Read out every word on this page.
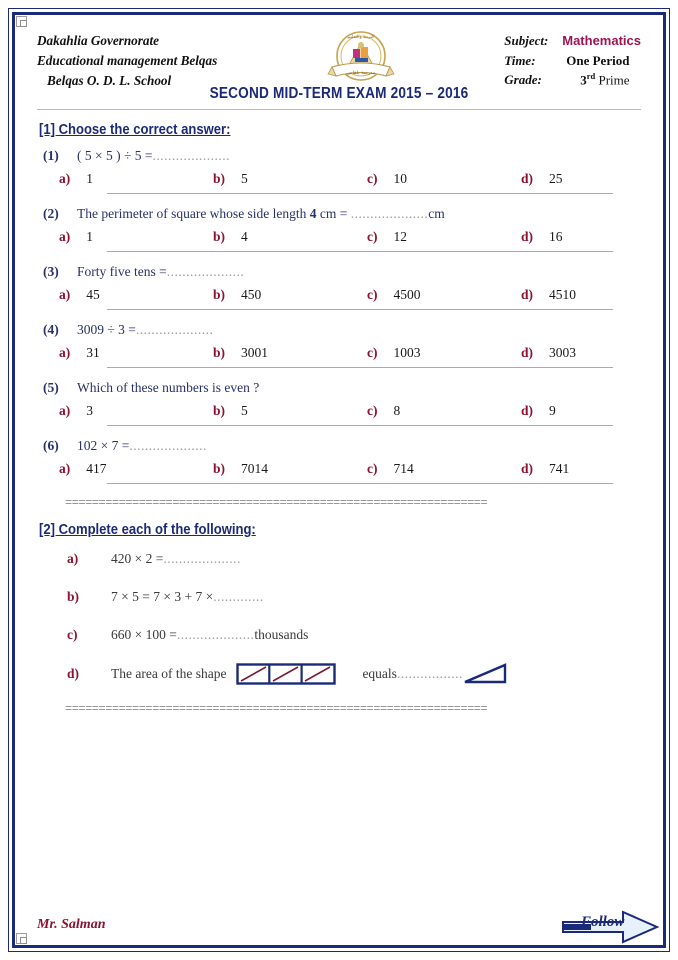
Dakahlia Governorate
Educational management Belqas
Belqas O. D. L. School
مدرسة بلقاس
التربية والتعليم	Subject:	Mathematics
Time:	One Period
Grade:	3rd Prime
SECOND MID-TERM EXAM 2015 – 2016
[1] Choose the correct answer:
(1)	( 5 × 5 ) ÷ 5 = ....................
a) 1	b) 5	c) 10	d) 25
(2)	The perimeter of square whose side length 4 cm = ....................cm
a) 1	b) 4	c) 12	d) 16
(3)	Forty five tens = ....................
a) 45	b) 450	c) 4500	d) 4510
(4)	3009 ÷ 3 = ....................
a) 31	b) 3001	c) 1003	d) 3003
(5)	Which of these numbers is even ?
a) 3	b) 5	c) 8	d) 9
(6)	102 × 7 = ....................
a) 417	b) 7014	c) 714	d) 741
===============================================================
[2] Complete each of the following:
a)	420 × 2 = ....................
b)	7 × 5 = 7 × 3 + 7 × .............
c)	660 × 100 = .................... thousands
d)	The area of the shape	equals .................
===============================================================
Mr. Salman	Follow
